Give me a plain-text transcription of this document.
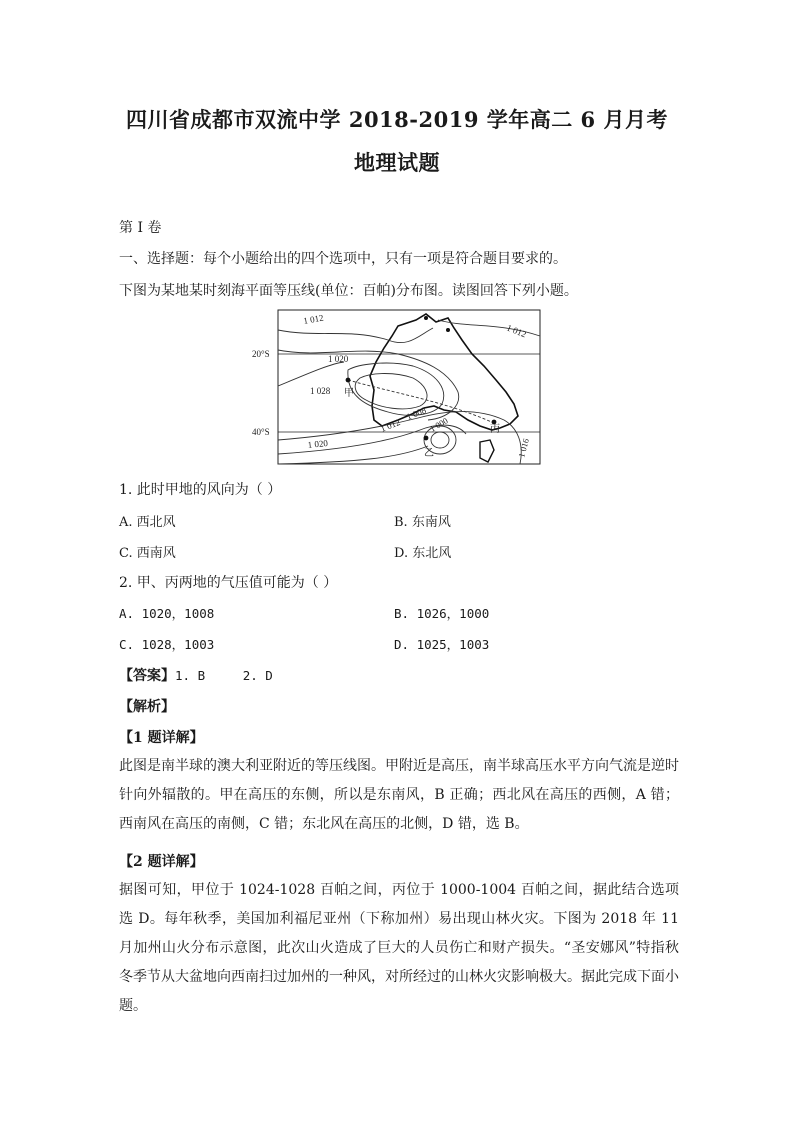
四川省成都市双流中学 2018-2019 学年高二 6 月月考
地理试题
第 I 卷
一、选择题：每个小题给出的四个选项中，只有一项是符合题目要求的。
下图为某地某时刻海平面等压线(单位：百帕)分布图。读图回答下列小题。
20°S
40°S
1 012
1 012
1 020
1 028
1 012
1 008
1 000
1 016
1 020
甲
乙
丙
1. 此时甲地的风向为（ ）
A. 西北风	B. 东南风
C. 西南风	D. 东北风
2. 甲、丙两地的气压值可能为（ ）
A. 1020，1008	B. 1026，1000
C. 1028，1003	D. 1025，1003
【答案】1. B     2. D
【解析】
【1 题详解】
此图是南半球的澳大利亚附近的等压线图。甲附近是高压，南半球高压水平方向气流是逆时针向外辐散的。甲在高压的东侧，所以是东南风，B 正确；西北风在高压的西侧，A 错；西南风在高压的南侧，C 错；东北风在高压的北侧，D 错，选 B。
【2 题详解】
据图可知，甲位于 1024-1028 百帕之间，丙位于 1000-1004 百帕之间，据此结合选项选 D。每年秋季，美国加利福尼亚州（下称加州）易出现山林火灾。下图为 2018 年 11 月加州山火分布示意图，此次山火造成了巨大的人员伤亡和财产损失。“圣安娜风”特指秋冬季节从大盆地向西南扫过加州的一种风，对所经过的山林火灾影响极大。据此完成下面小题。
